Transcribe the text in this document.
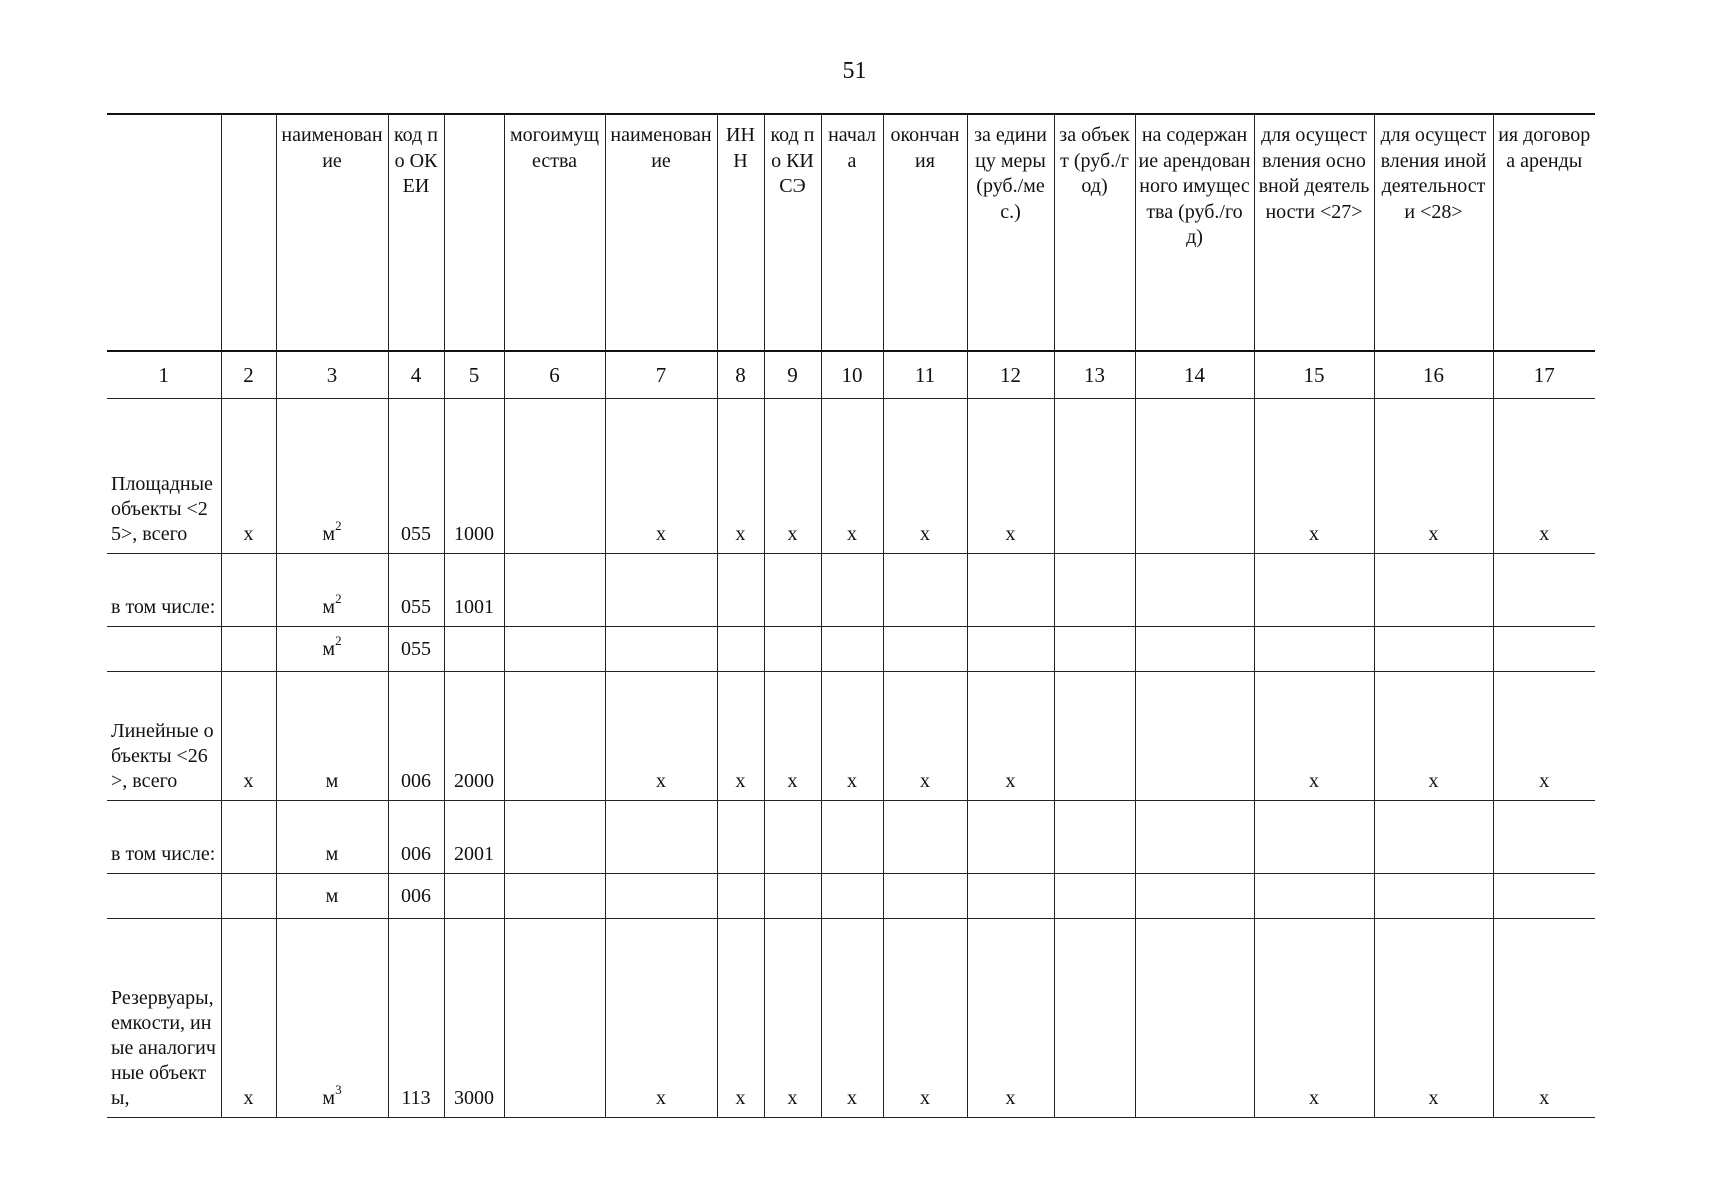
51
		наименование	код по ОКЕИ		могоимущества	наименование	ИНН	код по КИСЭ	начала	окончания	за единицу меры (руб./мес.)	за объект (руб./год)	на содержание арендованного имущества (руб./год)	для осуществления основной деятельности <27>	для осуществления иной деятельности <28>	ия договора аренды
1	2	3	4	5	6	7	8	9	10	11	12	13	14	15	16	17
Площадные объекты <25>, всего	х	$м^2$	055	1000		х	х	х	х	х	х			х	х	х
в том числе:		$м^2$	055	1001												
		$м^2$	055													
Линейные объекты <26>, всего	х	м	006	2000		х	х	х	х	х	х			х	х	х
в том числе:		м	006	2001												
		м	006													
Резервуары, емкости, иные аналогичные объекты,	х	$м^3$	113	3000		х	х	х	х	х	х			х	х	х
